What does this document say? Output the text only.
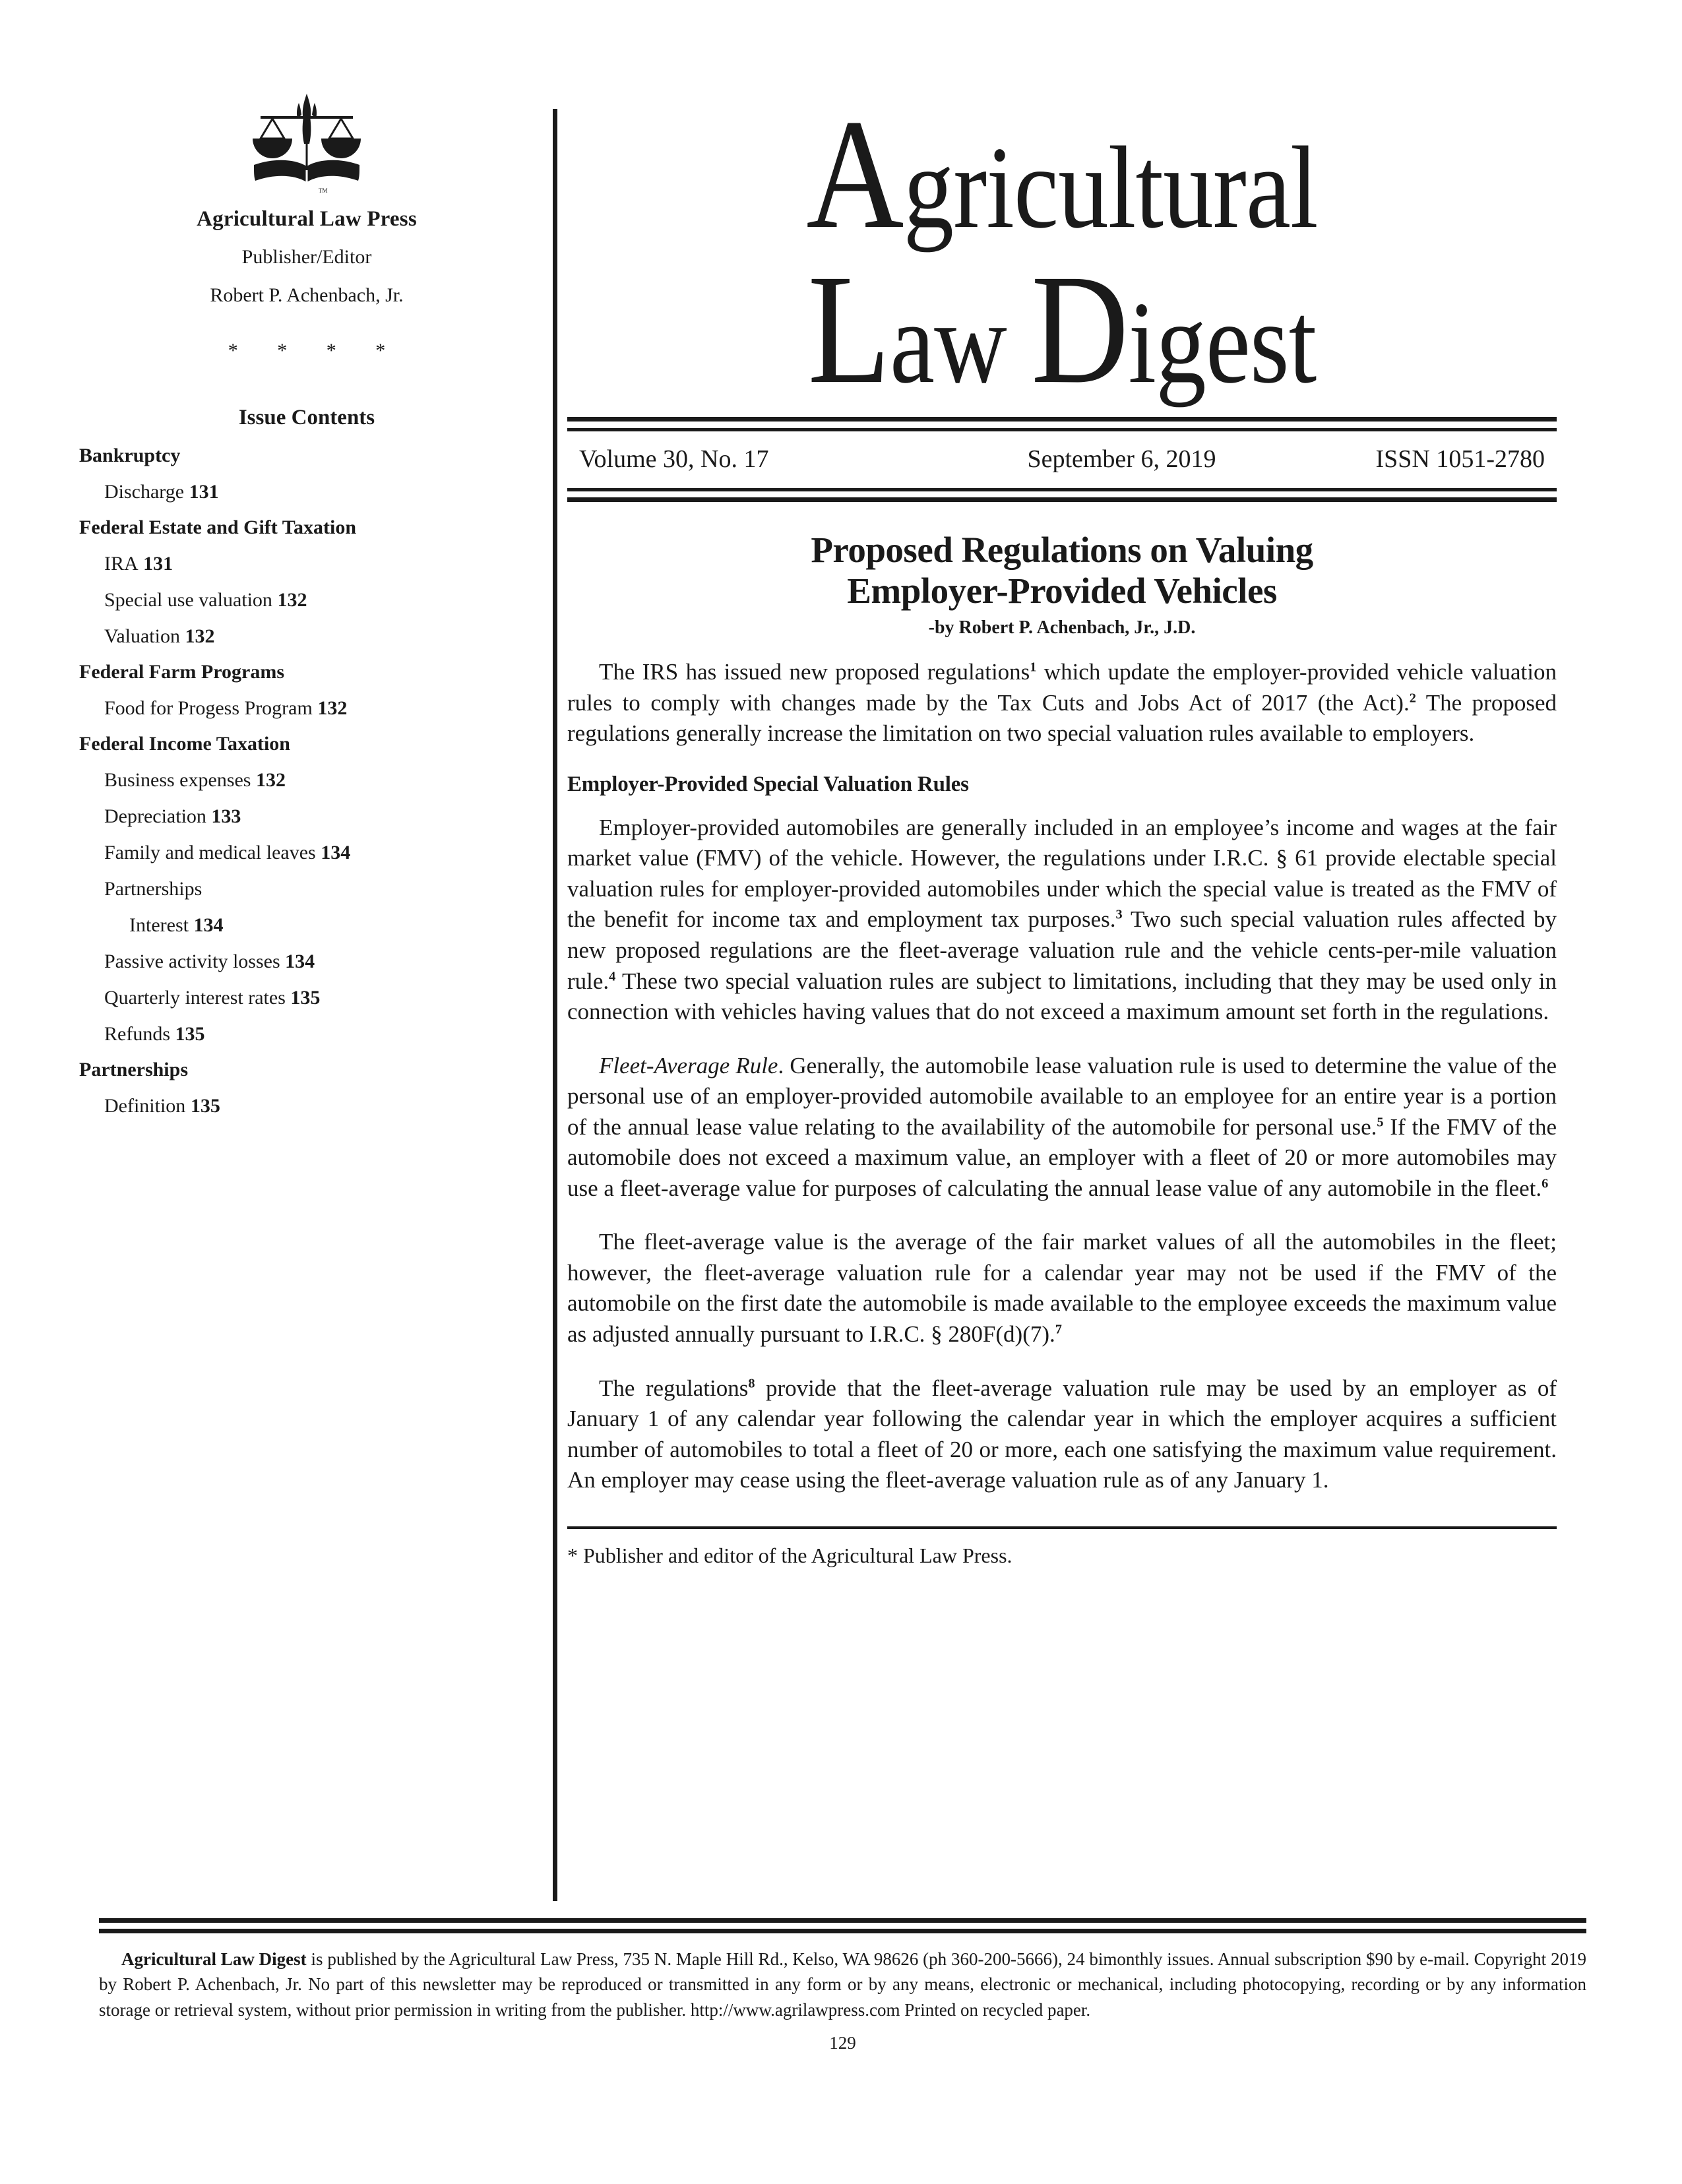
TM
Agricultural Law Press
Publisher/Editor
Robert P. Achenbach, Jr.
* * * *
Issue Contents
Bankruptcy
Discharge 131
Federal Estate and Gift Taxation
IRA 131
Special use valuation 132
Valuation 132
Federal Farm Programs
Food for Progess Program 132
Federal Income Taxation
Business expenses 132
Depreciation 133
Family and medical leaves 134
Partnerships
Interest 134
Passive activity losses 134
Quarterly interest rates 135
Refunds 135
Partnerships
Definition 135
Agricultural
Law Digest
Volume 30, No. 17	September 6, 2019	ISSN 1051-2780
Proposed Regulations on Valuing
Employer-Provided Vehicles
-by Robert P. Achenbach, Jr., J.D.

The IRS has issued new proposed regulations$^1$ which update the employer-provided vehicle valuation rules to comply with changes made by the Tax Cuts and Jobs Act of 2017 (the Act).$^2$ The proposed regulations generally increase the limitation on two special valuation rules available to employers.

Employer-Provided Special Valuation Rules

Employer-provided automobiles are generally included in an employee’s income and wages at the fair market value (FMV) of the vehicle. However, the regulations under I.R.C. § 61 provide electable special valuation rules for employer-provided automobiles under which the special value is treated as the FMV of the benefit for income tax and employment tax purposes.$^3$ Two such special valuation rules affected by new proposed regulations are the fleet-average valuation rule and the vehicle cents-per-mile valuation rule.$^4$ These two special valuation rules are subject to limitations, including that they may be used only in connection with vehicles having values that do not exceed a maximum amount set forth in the regulations.

Fleet-Average Rule. Generally, the automobile lease valuation rule is used to determine the value of the personal use of an employer-provided automobile available to an employee for an entire year is a portion of the annual lease value relating to the availability of the automobile for personal use.$^5$ If the FMV of the automobile does not exceed a maximum value, an employer with a fleet of 20 or more automobiles may use a fleet-average value for purposes of calculating the annual lease value of any automobile in the fleet.$^6$

The fleet-average value is the average of the fair market values of all the automobiles in the fleet; however, the fleet-average valuation rule for a calendar year may not be used if the FMV of the automobile on the first date the automobile is made available to the employee exceeds the maximum value as adjusted annually pursuant to I.R.C. § 280F(d)(7).$^7$

The regulations$^8$ provide that the fleet-average valuation rule may be used by an employer as of January 1 of any calendar year following the calendar year in which the employer acquires a sufficient number of automobiles to total a fleet of 20 or more, each one satisfying the maximum value requirement. An employer may cease using the fleet-average valuation rule as of any January 1.

* Publisher and editor of the Agricultural Law Press.
Agricultural Law Digest is published by the Agricultural Law Press, 735 N. Maple Hill Rd., Kelso, WA 98626 (ph 360-200-5666), 24 bimonthly issues. Annual subscription $90 by e-mail. Copyright 2019 by Robert P. Achenbach, Jr. No part of this newsletter may be reproduced or transmitted in any form or by any means, electronic or mechanical, including photocopying, recording or by any information storage or retrieval system, without prior permission in writing from the publisher. http://www.agrilawpress.com Printed on recycled paper.
129
